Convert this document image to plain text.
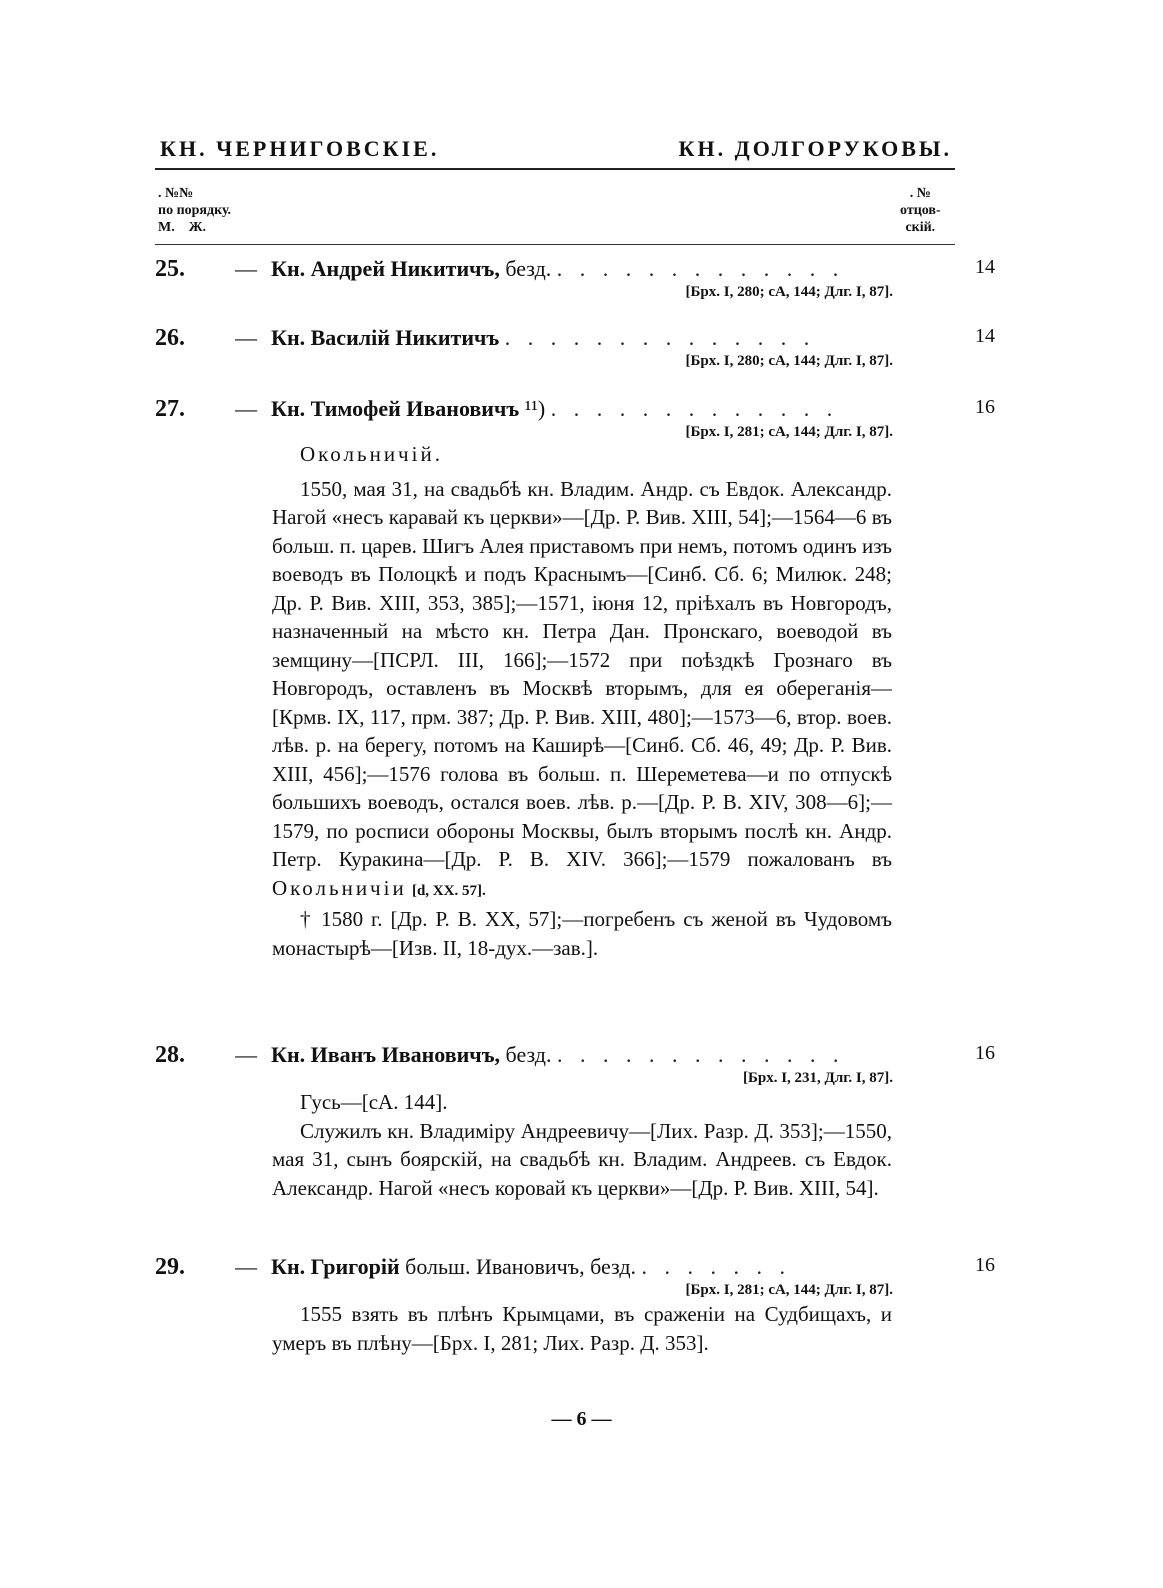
КН. ЧЕРНИГОВСКІЕ.	КН. ДОЛГОРУКОВЫ.
. №№
по порядку.
М.    Ж.
. №
отцов-
скій.
25. — Кн. Андрей Никитичъ, безд. . . . . . . . . . . . . .	14
[Брх. I, 280; сА, 144; Длг. I, 87].
26. — Кн. Василій Никитичъ . . . . . . . . . . . . . .	14
[Брх. I, 280; сА, 144; Длг. I, 87].
27. — Кн. Тимофей Ивановичъ ¹¹) . . . . . . . . . . . . .	16
[Брх. I, 281; сА, 144; Длг. I, 87].

Окольничій.

1550, мая 31, на свадьбѣ кн. Владим. Андр. съ Евдок. Александр. Нагой «несъ каравай къ церкви»—[Др. Р. Вив. XIII, 54];—1564—6 въ больш. п. царев. Шигъ Алея приставомъ при немъ, потомъ одинъ изъ воеводъ въ Полоцкѣ и подъ Краснымъ—[Синб. Сб. 6; Милюк. 248; Др. Р. Вив. XIII, 353, 385];—1571, іюня 12, пріѣхалъ въ Новгородъ, назначенный на мѣсто кн. Петра Дан. Пронскаго, воеводой въ земщину—[ПСРЛ. III, 166];—1572 при поѣздкѣ Грознаго въ Новгородъ, оставленъ въ Москвѣ вторымъ, для ея обереганія—[Крмв. IX, 117, прм. 387; Др. Р. Вив. XIII, 480];—1573—6, втор. воев. лѣв. р. на берегу, потомъ на Каширѣ—[Синб. Сб. 46, 49; Др. Р. Вив. XIII, 456];—1576 голова въ больш. п. Шереметева—и по отпускѣ большихъ воеводъ, остался воев. лѣв. р.—[Др. Р. В. XIV, 308—6];—1579, по росписи обороны Москвы, былъ вторымъ послѣ кн. Андр. Петр. Куракина—[Др. Р. В. XIV. 366];—1579 пожалованъ въ Окольничіи [d, XX. 57].

† 1580 г. [Др. Р. В. XX, 57];—погребенъ съ женой въ Чудовомъ монастырѣ—[Изв. II, 18-дух.—зав.].

28. — Кн. Иванъ Ивановичъ, безд. . . . . . . . . . . . . .	16
[Брх. I, 231, Длг. I, 87].

Гусь—[сА. 144].

Служилъ кн. Владиміру Андреевичу—[Лих. Разр. Д. 353];—1550, мая 31, сынъ боярскій, на свадьбѣ кн. Владим. Андреев. съ Евдок. Александр. Нагой «несъ коровай къ церкви»—[Др. Р. Вив. XIII, 54].

29. — Кн. Григорій больш. Ивановичъ, безд. . . . . . . .	16
[Брх. I, 281; сА, 144; Длг. I, 87].

1555 взять въ плѣнъ Крымцами, въ сраженіи на Судбищахъ, и умеръ въ плѣну—[Брх. I, 281; Лих. Разр. Д. 353].

— 6 —
